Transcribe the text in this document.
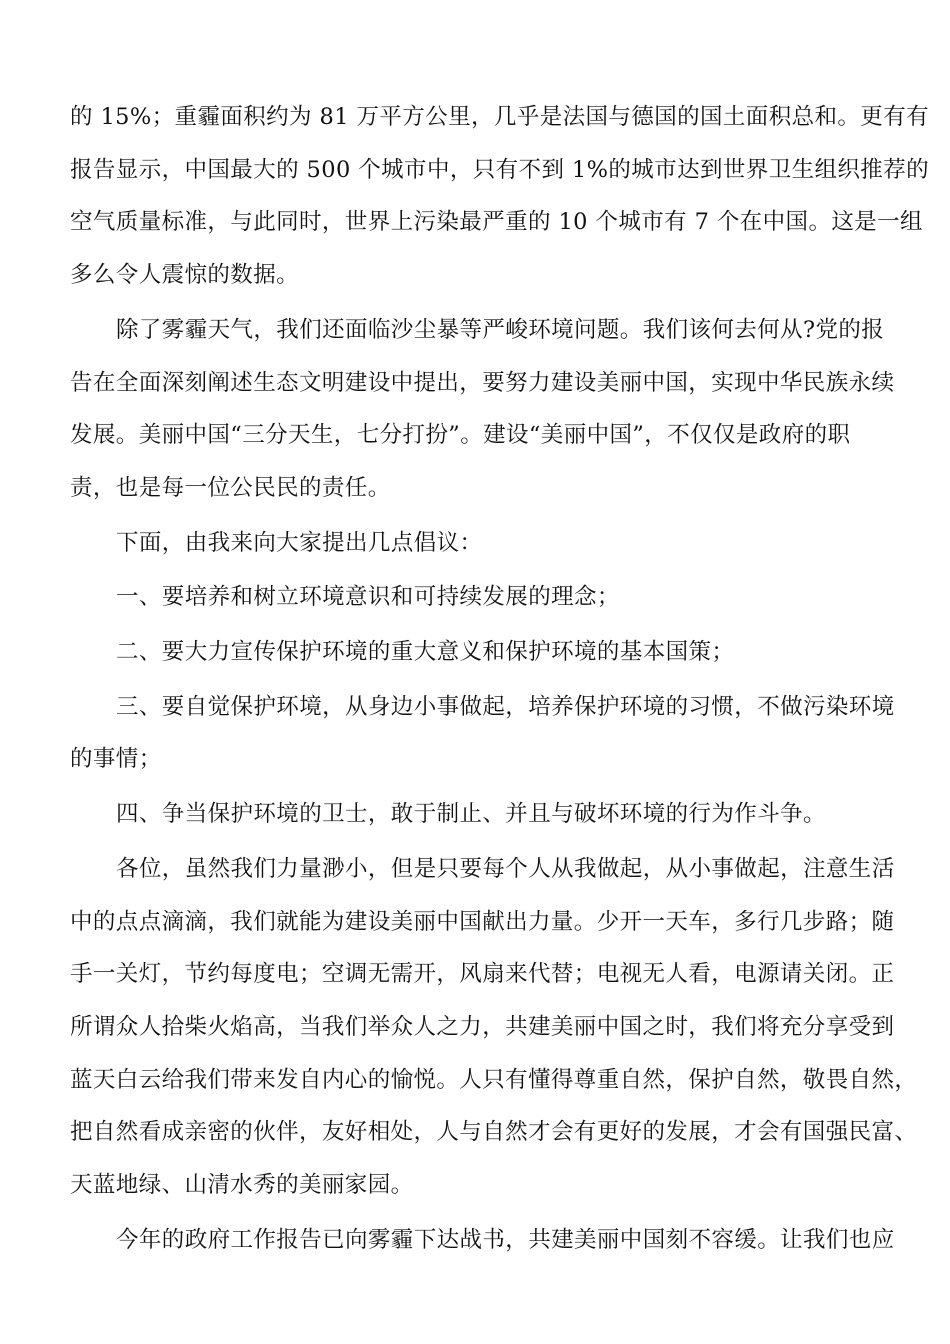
的 15%；重霾面积约为 81 万平方公里，几乎是法国与德国的国土面积总和。更有有
报告显示，中国最大的 500 个城市中，只有不到 1%的城市达到世界卫生组织推荐的
空气质量标准，与此同时，世界上污染最严重的 10 个城市有 7 个在中国。这是一组
多么令人震惊的数据。
除了雾霾天气，我们还面临沙尘暴等严峻环境问题。我们该何去何从?党的报
告在全面深刻阐述生态文明建设中提出，要努力建设美丽中国，实现中华民族永续
发展。美丽中国“三分天生，七分打扮”。建设“美丽中国”，不仅仅是政府的职
责，也是每一位公民民的责任。
下面，由我来向大家提出几点倡议：
一、要培养和树立环境意识和可持续发展的理念；
二、要大力宣传保护环境的重大意义和保护环境的基本国策；
三、要自觉保护环境，从身边小事做起，培养保护环境的习惯，不做污染环境
的事情；
四、争当保护环境的卫士，敢于制止、并且与破坏环境的行为作斗争。
各位，虽然我们力量渺小，但是只要每个人从我做起，从小事做起，注意生活
中的点点滴滴，我们就能为建设美丽中国献出力量。少开一天车，多行几步路；随
手一关灯，节约每度电；空调无需开，风扇来代替；电视无人看，电源请关闭。正
所谓众人拾柴火焰高，当我们举众人之力，共建美丽中国之时，我们将充分享受到
蓝天白云给我们带来发自内心的愉悦。人只有懂得尊重自然，保护自然，敬畏自然，
把自然看成亲密的伙伴，友好相处，人与自然才会有更好的发展，才会有国强民富、
天蓝地绿、山清水秀的美丽家园。
今年的政府工作报告已向雾霾下达战书，共建美丽中国刻不容缓。让我们也应
